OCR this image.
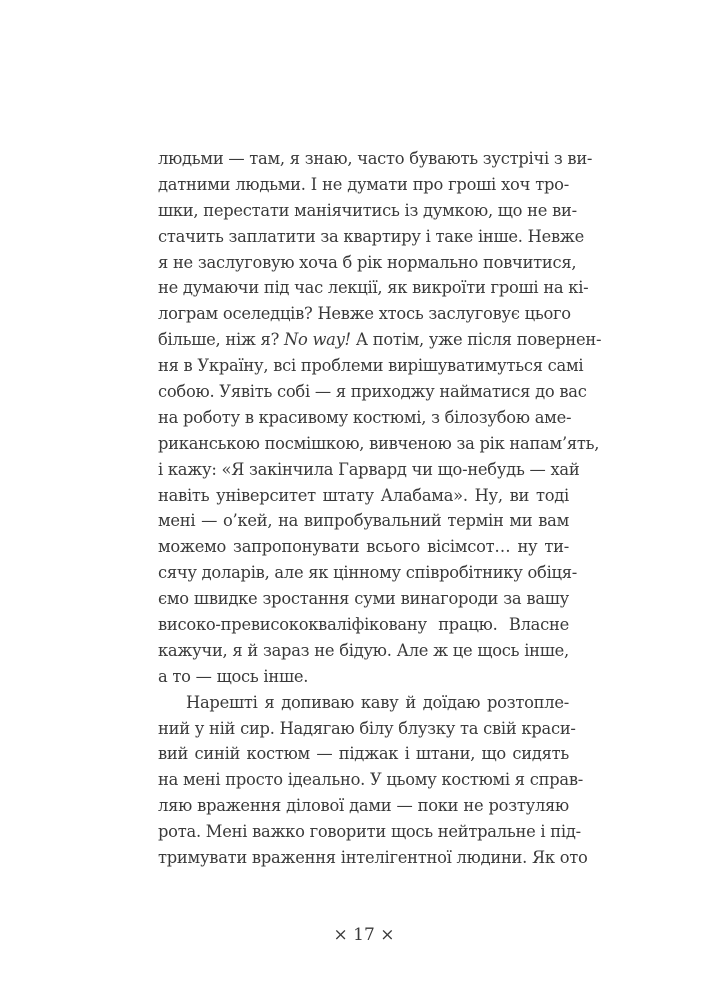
людьми — там, я знаю, часто бувають зустрічі з ви-
датними людьми. І не думати про гроші хоч тро-
шки, перестати маніячитись із думкою, що не ви-
стачить заплатити за квартиру і таке інше. Невже
я не заслуговую хоча б рік нормально повчитися,
не думаючи під час лекції, як викроїти гроші на кі-
лограм оселедців? Невже хтось заслуговує цього
більше, ніж я? No way! А потім, уже після повернен-
ня в Україну, всі проблеми вирішуватимуться самі
собою. Уявіть собі — я приходжу найматися до вас
на роботу в красивому костюмі, з білозубою аме-
риканською посмішкою, вивченою за рік напам’ять,
і кажу: «Я закінчила Гарвард чи що-небудь — хай
навіть університет штату Алабама». Ну, ви тоді
мені — о’кей, на випробувальний термін ми вам
можемо запропонувати всього вісімсот… ну ти-
сячу доларів, але як цінному співробітнику обіця-
ємо швидке зростання суми винагороди за вашу
високо-превисококваліфіковану працю. Власне
кажучи, я й зараз не бідую. Але ж це щось інше,
а то — щось інше.
Нарешті я допиваю каву й доїдаю розтопле-
ний у ній сир. Надягаю білу блузку та свій краси-
вий синій костюм — піджак і штани, що сидять
на мені просто ідеально. У цьому костюмі я справ-
ляю враження ділової дами — поки не розтуляю
рота. Мені важко говорити щось нейтральне і під-
тримувати враження інтелігентної людини. Як ото
× 17 ×
